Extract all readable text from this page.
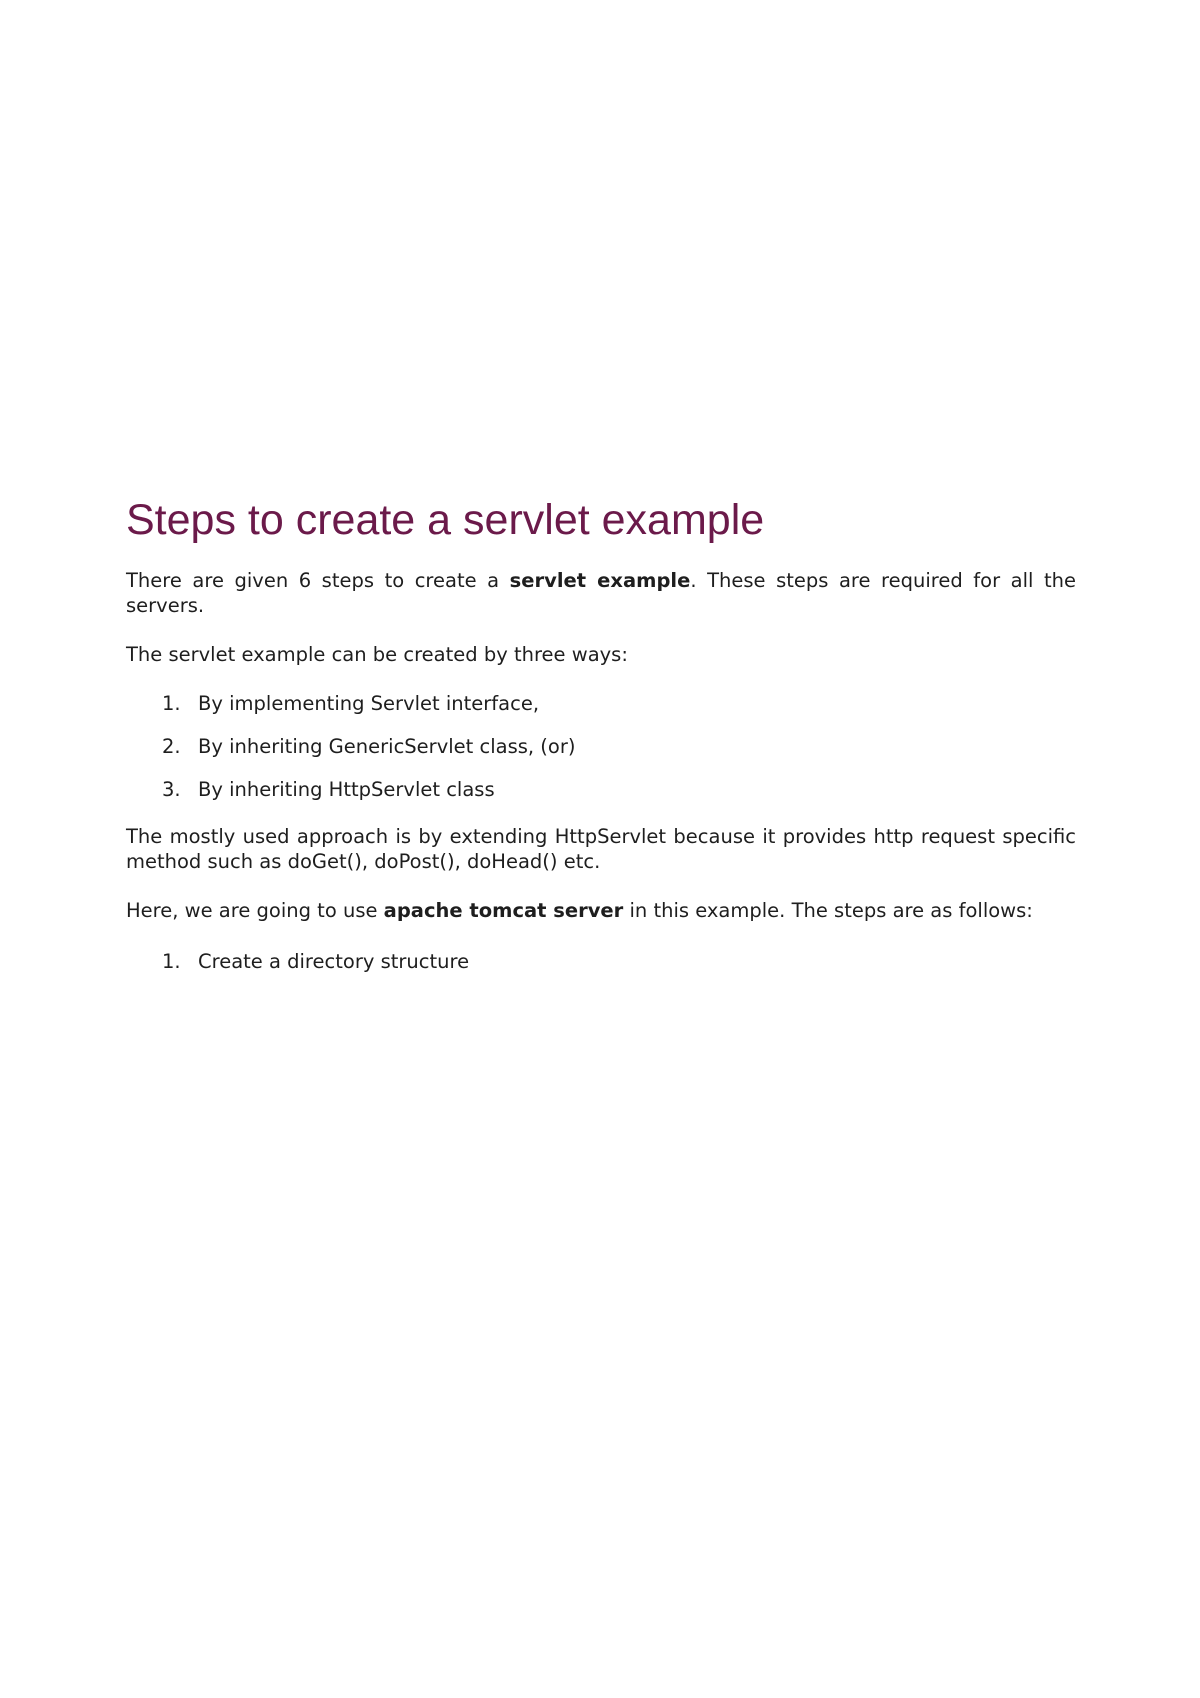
Steps to create a servlet example

There are given 6 steps to create a servlet example. These steps are required for all the servers.

The servlet example can be created by three ways:

1. By implementing Servlet interface,
2. By inheriting GenericServlet class, (or)
3. By inheriting HttpServlet class

The mostly used approach is by extending HttpServlet because it provides http request specific method such as doGet(), doPost(), doHead() etc.

Here, we are going to use apache tomcat server in this example. The steps are as follows:

1. Create a directory structure
